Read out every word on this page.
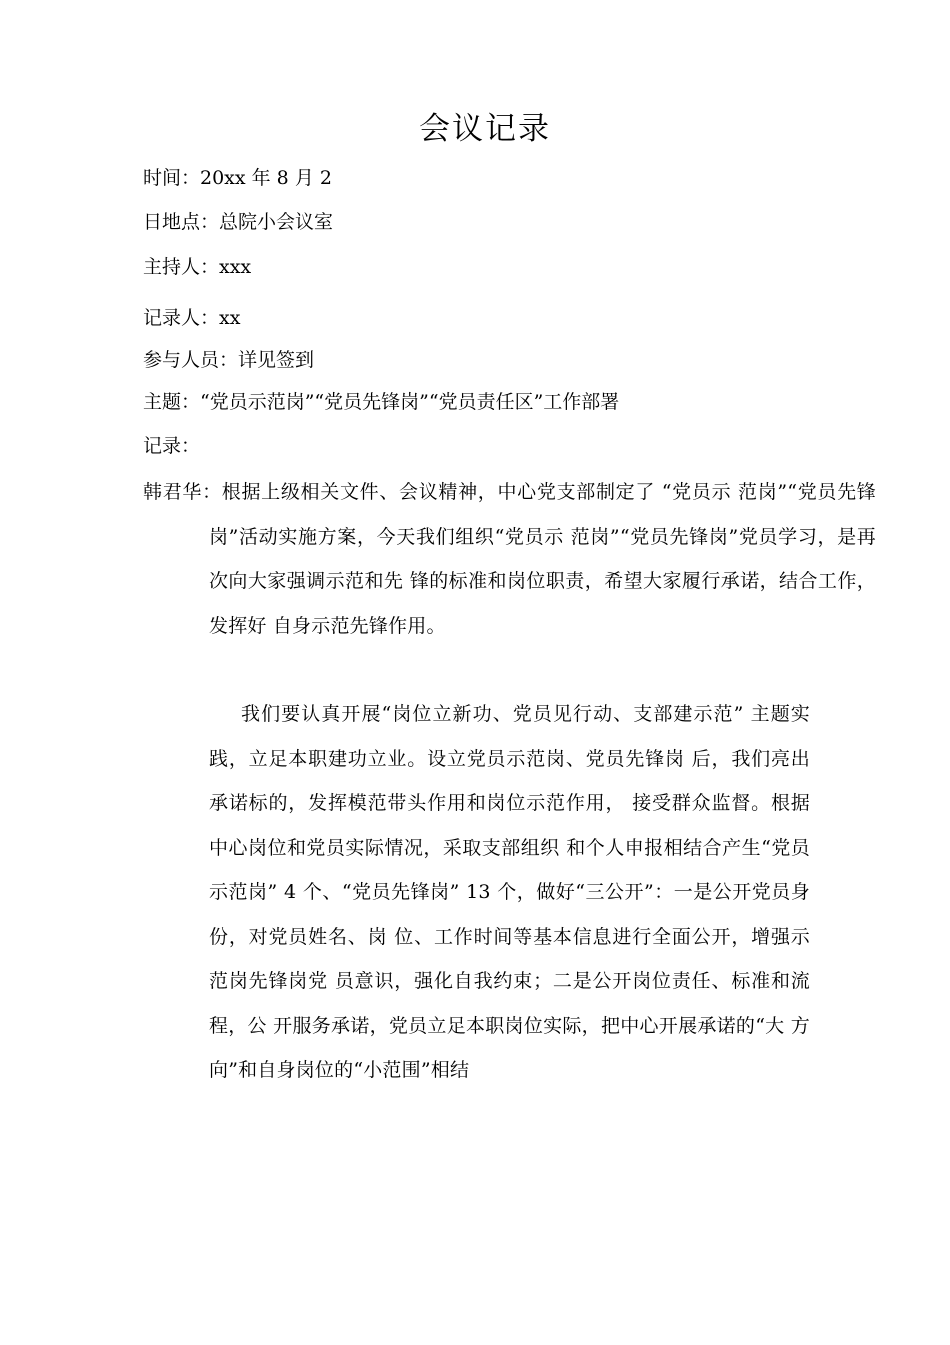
会议记录
时间：20xx 年 8 月 2
日地点：总院小会议室
主持人：xxx
记录人：xx
参与人员：详见签到
主题：“党员示范岗”“党员先锋岗”“党员责任区”工作部署
记录：
韩君华：根据上级相关文件、会议精神，中心党支部制定了 “党员示 范岗”“党员先锋岗”活动实施方案，今天我们组织“党员示 范岗”“党员先锋岗”党员学习，是再次向大家强调示范和先 锋的标准和岗位职责，希望大家履行承诺，结合工作，发挥好 自身示范先锋作用。
我们要认真开展“岗位立新功、党员见行动、支部建示范” 主题实践，立足本职建功立业。设立党员示范岗、党员先锋岗 后，我们亮出承诺标的，发挥模范带头作用和岗位示范作用， 接受群众监督。根据中心岗位和党员实际情况，采取支部组织 和个人申报相结合产生“党员示范岗” 4 个、“党员先锋岗” 13 个，做好“三公开”：一是公开党员身份，对党员姓名、岗 位、工作时间等基本信息进行全面公开，增强示范岗先锋岗党 员意识，强化自我约束；二是公开岗位责任、标准和流程，公 开服务承诺，党员立足本职岗位实际，把中心开展承诺的“大 方向”和自身岗位的“小范围”相结
